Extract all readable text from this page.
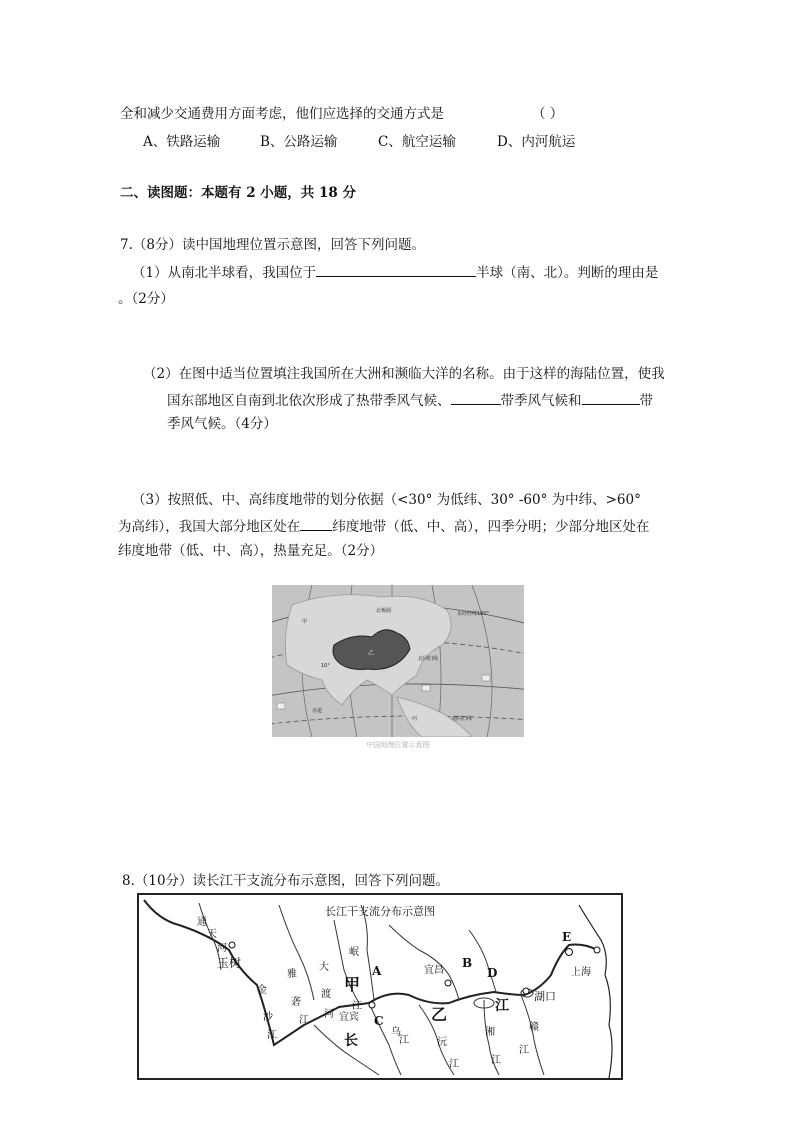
全和减少交通费用方面考虑，他们应选择的交通方式是	（ ）
A、铁路运输	B、公路运输	C、航空运输	D、内河航运
二、读图题：本题有 2 小题，共 18 分
7.（8分）读中国地理位置示意图，回答下列问题。
（1）从南北半球看，我国位于	半球（南、北）。判断的理由是
。（2分）
（2）在图中适当位置填注我国所在大洲和濒临大洋的名称。由于这样的海陆位置，使我
国东部地区自南到北依次形成了热带季风气候、	带季风气候和	带
季风气候。（4分）
（3）按照低、中、高纬度地带的划分依据（<30° 为低纬、30° -60° 为中纬、>60°
为高纬），我国大部分地区处在 纬度地带（低、中、高），四季分明；少部分地区处在
纬度地带（低、中、高），热量充足。（2分）
乙
北极圈	东经经线180°
北回归线
赤道
南回归线
10°
甲
丙
中国地理位置示意图
8.（10分）读长江干支流分布示意图，回答下列问题。
长江干支流分布示意图
玉树
宜宾
宜昌
湖口
上海
A
B
C
D
E
甲
乙
通
天
河
金
沙
江
雅
砻
江
大
渡
河
岷
江
长
江
乌
江	沅
江
湘
江
赣
江
